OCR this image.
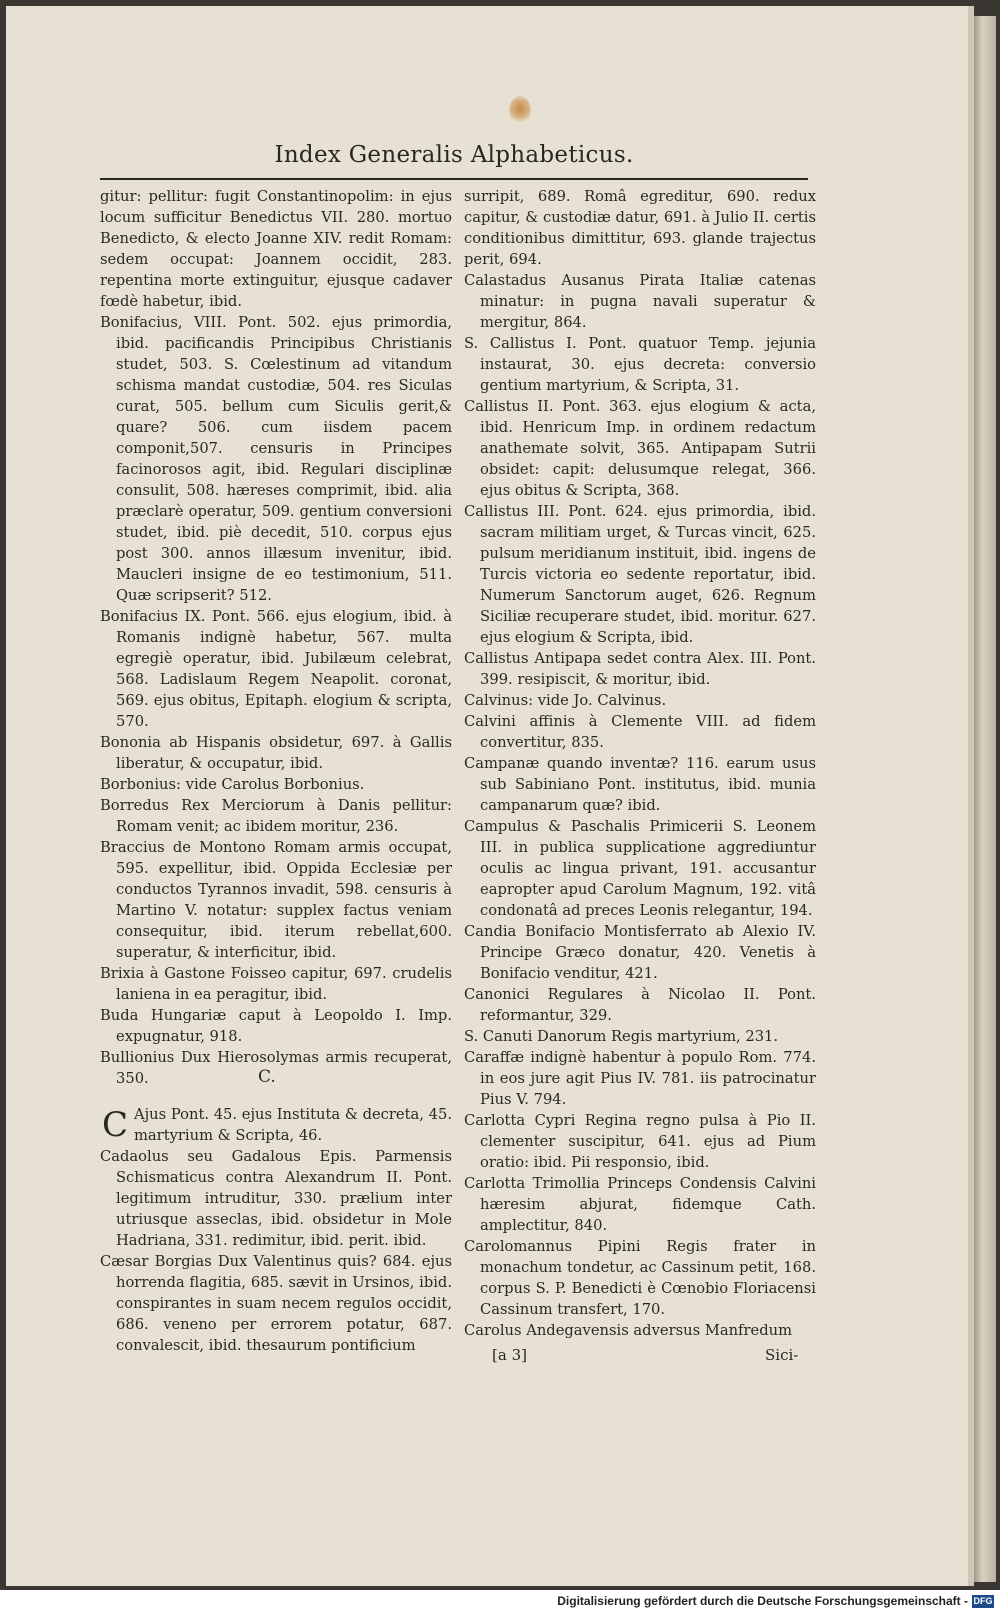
Index Generalis Alphabeticus.

gitur: pellitur: fugit Constantinopolim: in ejus locum sufficitur Benedictus VII. 280. mortuo Benedicto, & electo Joanne XIV. redit Romam: sedem occupat: Joannem occidit, 283. repentina morte extinguitur, ejusque cadaver fœdè habetur, ibid.

Bonifacius, VIII. Pont. 502. ejus primordia, ibid. pacificandis Principibus Christianis studet, 503. S. Cœlestinum ad vitandum schisma mandat custodiæ, 504. res Siculas curat, 505. bellum cum Siculis gerit,& quare? 506. cum iisdem pacem componit,507. censuris in Principes facinorosos agit, ibid. Regulari disciplinæ consulit, 508. hæreses comprimit, ibid. alia præclarè operatur, 509. gentium conversioni studet, ibid. piè decedit, 510. corpus ejus post 300. annos illæsum invenitur, ibid. Maucleri insigne de eo testimonium, 511. Quæ scripserit? 512.

Bonifacius IX. Pont. 566. ejus elogium, ibid. à Romanis indignè habetur, 567. multa egregiè operatur, ibid. Jubilæum celebrat, 568. Ladislaum Regem Neapolit. coronat, 569. ejus obitus, Epitaph. elogium & scripta, 570.

Bononia ab Hispanis obsidetur, 697. à Gallis liberatur, & occupatur, ibid.

Borbonius: vide Carolus Borbonius.

Borredus Rex Merciorum à Danis pellitur: Romam venit; ac ibidem moritur, 236.

Braccius de Montono Romam armis occupat, 595. expellitur, ibid. Oppida Ecclesiæ per conductos Tyrannos invadit, 598. censuris à Martino V. notatur: supplex factus veniam consequitur, ibid. iterum rebellat,600. superatur, & interficitur, ibid.

Brixia à Gastone Foisseo capitur, 697. crudelis laniena in ea peragitur, ibid.

Buda Hungariæ caput à Leopoldo I. Imp. expugnatur, 918.

Bullionius Dux Hierosolymas armis recuperat, 350.	C.
C Ajus Pont. 45. ejus Instituta & decreta, 45. martyrium & Scripta, 46.

Cadaolus seu Gadalous Epis. Parmensis Schismaticus contra Alexandrum II. Pont. legitimum intruditur, 330. prælium inter utriusque asseclas, ibid. obsidetur in Mole Hadriana, 331. redimitur, ibid. perit. ibid.

Cæsar Borgias Dux Valentinus quis? 684. ejus horrenda flagitia, 685. sævit in Ursinos, ibid. conspirantes in suam necem regulos occidit, 686. veneno per errorem potatur, 687. convalescit, ibid. thesaurum pontificium

surripit, 689. Româ egreditur, 690. redux capitur, & custodiæ datur, 691. à Julio II. certis conditionibus dimittitur, 693. glande trajectus perit, 694.

Calastadus Ausanus Pirata Italiæ catenas minatur: in pugna navali superatur & mergitur, 864.

S. Callistus I. Pont. quatuor Temp. jejunia instaurat, 30. ejus decreta: conversio gentium martyrium, & Scripta, 31.

Callistus II. Pont. 363. ejus elogium & acta, ibid. Henricum Imp. in ordinem redactum anathemate solvit, 365. Antipapam Sutrii obsidet: capit: delusumque relegat, 366. ejus obitus & Scripta, 368.

Callistus III. Pont. 624. ejus primordia, ibid. sacram militiam urget, & Turcas vincit, 625. pulsum meridianum instituit, ibid. ingens de Turcis victoria eo sedente reportatur, ibid. Numerum Sanctorum auget, 626. Regnum Siciliæ recuperare studet, ibid. moritur. 627. ejus elogium & Scripta, ibid.

Callistus Antipapa sedet contra Alex. III. Pont. 399. resipiscit, & moritur, ibid.

Calvinus: vide Jo. Calvinus.

Calvini affinis à Clemente VIII. ad fidem convertitur, 835.

Campanæ quando inventæ? 116. earum usus sub Sabiniano Pont. institutus, ibid. munia campanarum quæ? ibid.

Campulus & Paschalis Primicerii S. Leonem III. in publica supplicatione aggrediuntur oculis ac lingua privant, 191. accusantur eapropter apud Carolum Magnum, 192. vitâ condonatâ ad preces Leonis relegantur, 194.

Candia Bonifacio Montisferrato ab Alexio IV. Principe Græco donatur, 420. Venetis à Bonifacio venditur, 421.

Canonici Regulares à Nicolao II. Pont. reformantur, 329.

S. Canuti Danorum Regis martyrium, 231.

Caraffæ indignè habentur à populo Rom. 774. in eos jure agit Pius IV. 781. iis patrocinatur Pius V. 794.

Carlotta Cypri Regina regno pulsa à Pio II. clementer suscipitur, 641. ejus ad Pium oratio: ibid. Pii responsio, ibid.

Carlotta Trimollia Princeps Condensis Calvini hæresim abjurat, fidemque Cath. amplectitur, 840.

Carolomannus Pipini Regis frater in monachum tondetur, ac Cassinum petit, 168. corpus S. P. Benedicti è Cœnobio Floriacensi Cassinum transfert, 170.

Carolus Andegavensis adversus Manfredum

[a 3]	Sici-
Digitalisierung gefördert durch die Deutsche Forschungsgemeinschaft - DFG
